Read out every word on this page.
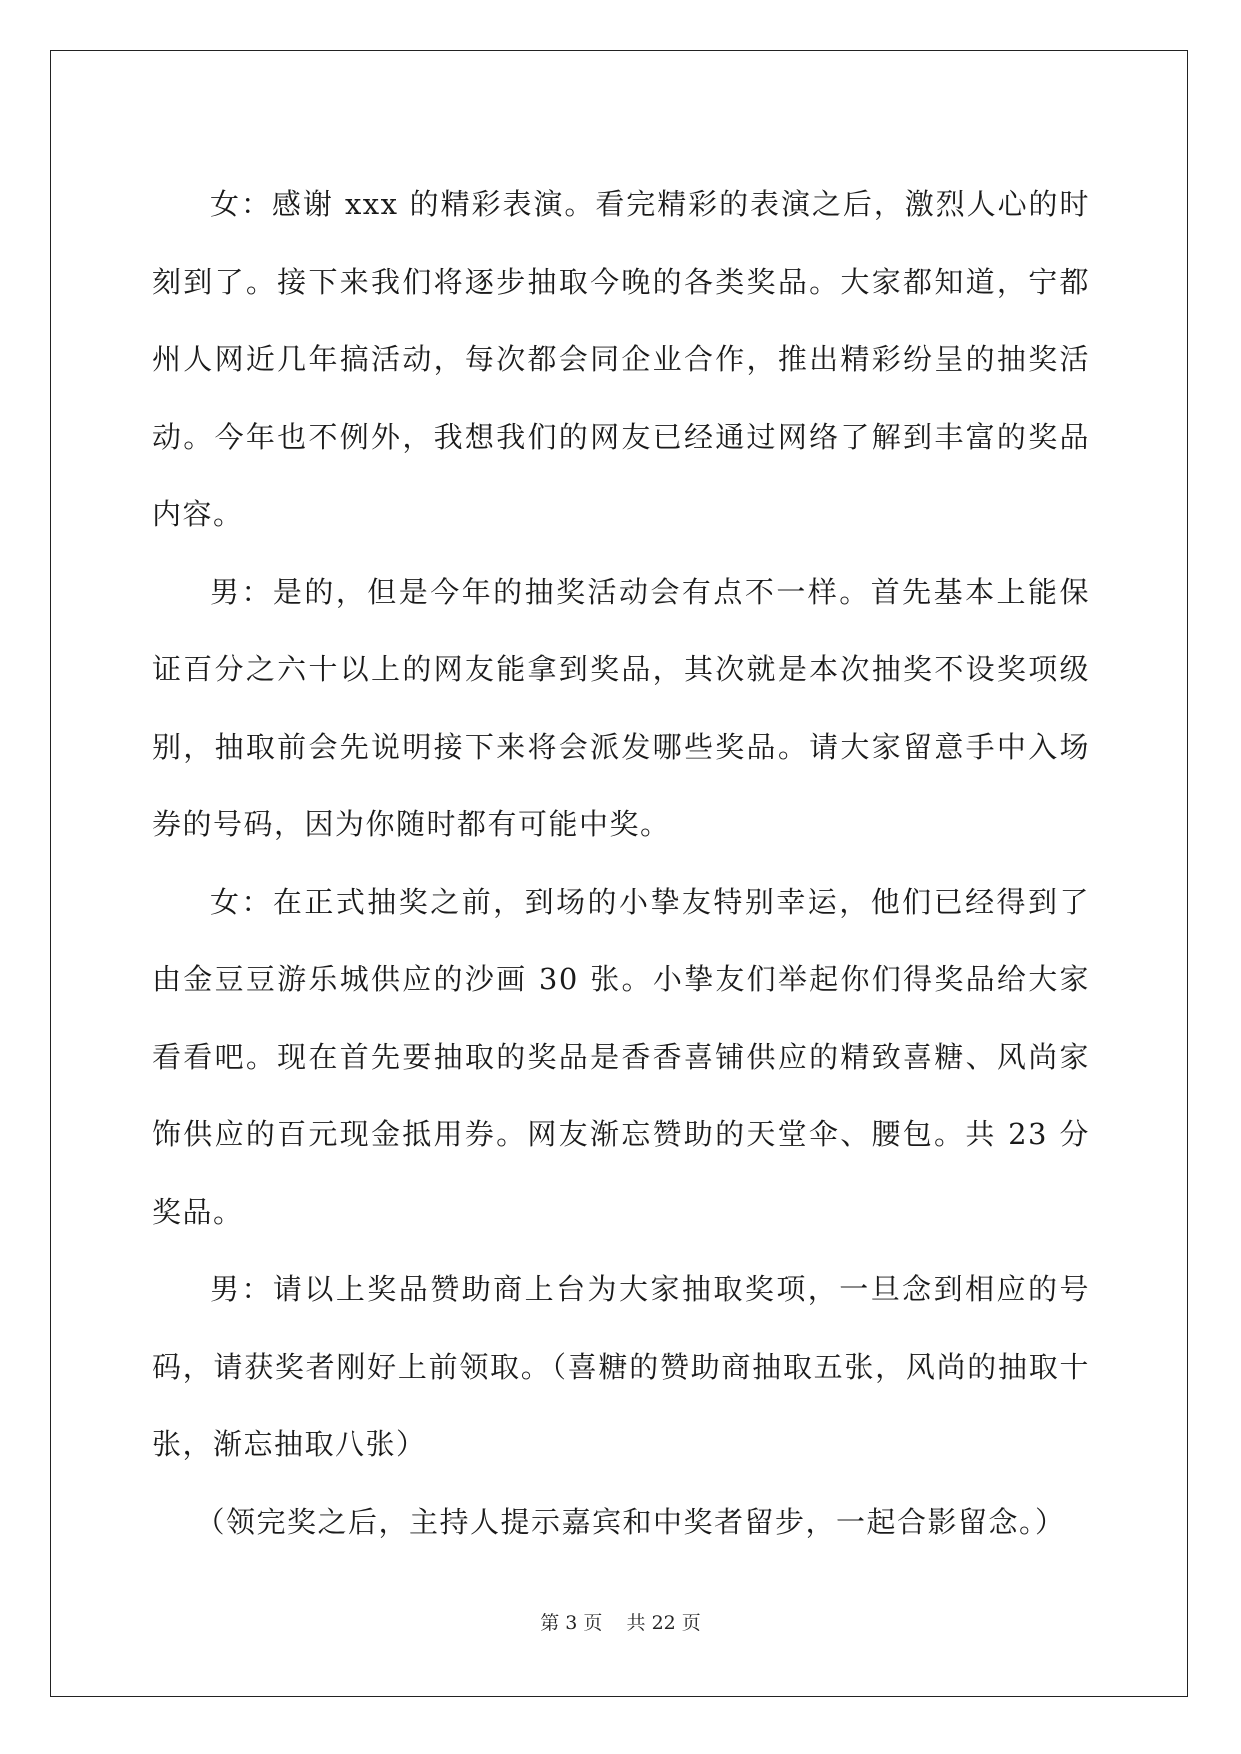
女：感谢 xxx 的精彩表演。看完精彩的表演之后，激烈人心的时刻到了。接下来我们将逐步抽取今晚的各类奖品。大家都知道，宁都州人网近几年搞活动，每次都会同企业合作，推出精彩纷呈的抽奖活动。今年也不例外，我想我们的网友已经通过网络了解到丰富的奖品内容。

男：是的，但是今年的抽奖活动会有点不一样。首先基本上能保证百分之六十以上的网友能拿到奖品，其次就是本次抽奖不设奖项级别，抽取前会先说明接下来将会派发哪些奖品。请大家留意手中入场券的号码，因为你随时都有可能中奖。

女：在正式抽奖之前，到场的小挚友特别幸运，他们已经得到了由金豆豆游乐城供应的沙画 30 张。小挚友们举起你们得奖品给大家看看吧。现在首先要抽取的奖品是香香喜铺供应的精致喜糖、风尚家饰供应的百元现金抵用券。网友渐忘赞助的天堂伞、腰包。共 23 分奖品。

男：请以上奖品赞助商上台为大家抽取奖项，一旦念到相应的号码，请获奖者刚好上前领取。（喜糖的赞助商抽取五张，风尚的抽取十张，渐忘抽取八张）

（领完奖之后，主持人提示嘉宾和中奖者留步，一起合影留念。）

第 3 页 共 22 页
